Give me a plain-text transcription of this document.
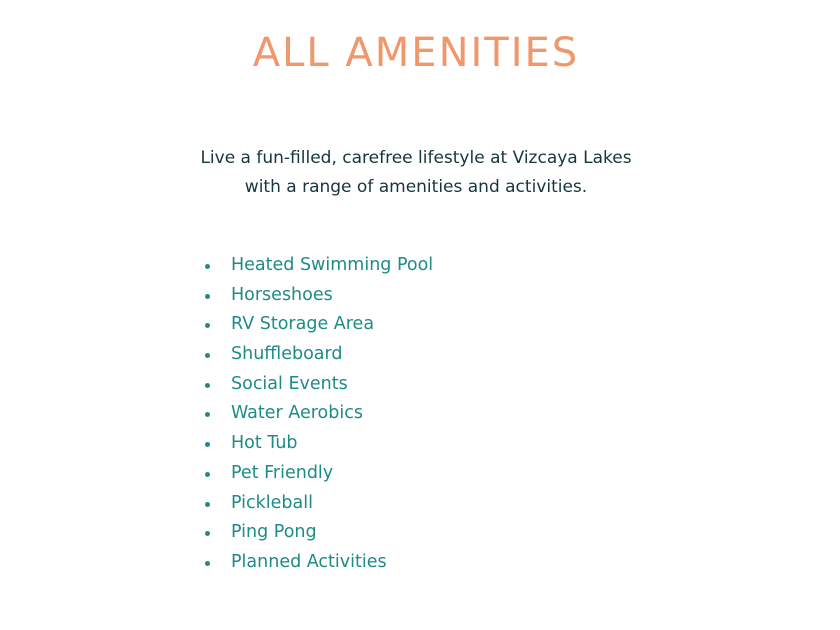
ALL AMENITIES

Live a fun-filled, carefree lifestyle at Vizcaya Lakes with a range of amenities and activities.

Heated Swimming Pool
Horseshoes
RV Storage Area
Shuffleboard
Social Events
Water Aerobics
Hot Tub
Pet Friendly
Pickleball
Ping Pong
Planned Activities
